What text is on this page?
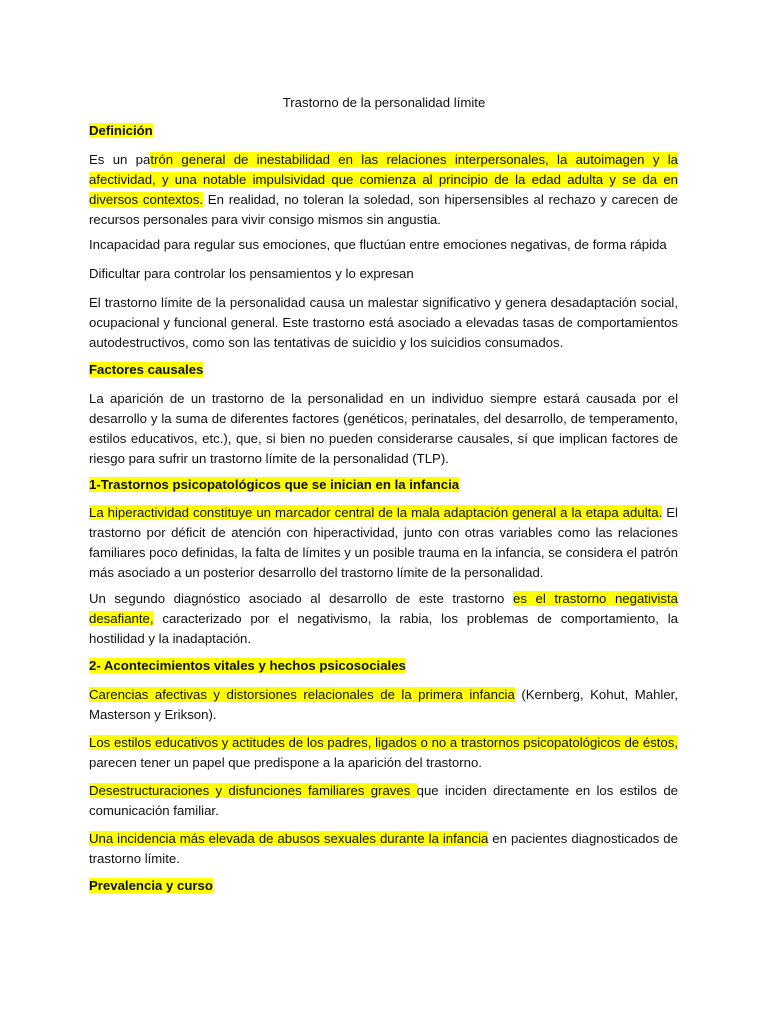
Trastorno de la personalidad límite

Definición

Es un patrón general de inestabilidad en las relaciones interpersonales, la autoimagen y la afectividad, y una notable impulsividad que comienza al principio de la edad adulta y se da en diversos contextos. En realidad, no toleran la soledad, son hipersensibles al rechazo y carecen de recursos personales para vivir consigo mismos sin angustia.

Incapacidad para regular sus emociones, que fluctúan entre emociones negativas, de forma rápida

Dificultar para controlar los pensamientos y lo expresan

El trastorno límite de la personalidad causa un malestar significativo y genera desadaptación social, ocupacional y funcional general. Este trastorno está asociado a elevadas tasas de comportamientos autodestructivos, como son las tentativas de suicidio y los suicidios consumados.

Factores causales

La aparición de un trastorno de la personalidad en un individuo siempre estará causada por el desarrollo y la suma de diferentes factores (genéticos, perinatales, del desarrollo, de temperamento, estilos educativos, etc.), que, si bien no pueden considerarse causales, sí que implican factores de riesgo para sufrir un trastorno límite de la personalidad (TLP).

1-Trastornos psicopatológicos que se inician en la infancia

La hiperactividad constituye un marcador central de la mala adaptación general a la etapa adulta. El trastorno por déficit de atención con hiperactividad, junto con otras variables como las relaciones familiares poco definidas, la falta de límites y un posible trauma en la infancia, se considera el patrón más asociado a un posterior desarrollo del trastorno límite de la personalidad.

Un segundo diagnóstico asociado al desarrollo de este trastorno es el trastorno negativista desafiante, caracterizado por el negativismo, la rabia, los problemas de comportamiento, la hostilidad y la inadaptación.

2- Acontecimientos vitales y hechos psicosociales

Carencias afectivas y distorsiones relacionales de la primera infancia (Kernberg, Kohut, Mahler, Masterson y Erikson).

Los estilos educativos y actitudes de los padres, ligados o no a trastornos psicopatológicos de éstos, parecen tener un papel que predispone a la aparición del trastorno.

Desestructuraciones y disfunciones familiares graves que inciden directamente en los estilos de comunicación familiar.

Una incidencia más elevada de abusos sexuales durante la infancia en pacientes diagnosticados de trastorno límite.

Prevalencia y curso
